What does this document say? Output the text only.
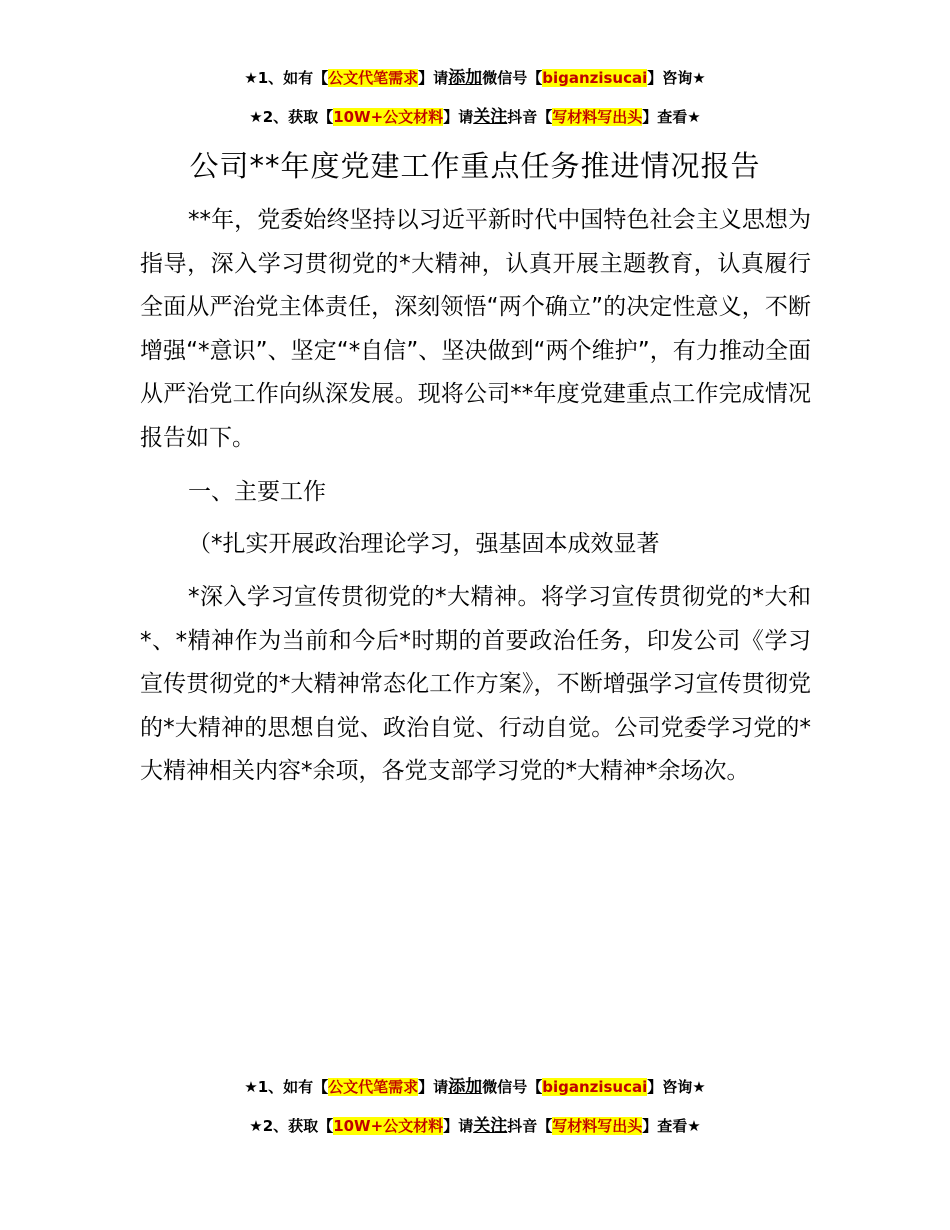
★1、如有【公文代笔需求】请添加微信号【biganzisucai】咨询★
★2、获取【10W+公文材料】请关注抖音【写材料写出头】查看★
公司**年度党建工作重点任务推进情况报告

**年，党委始终坚持以习近平新时代中国特色社会主义思想为指导，深入学习贯彻党的*大精神，认真开展主题教育，认真履行全面从严治党主体责任，深刻领悟“两个确立”的决定性意义，不断增强“*意识”、坚定“*自信”、坚决做到“两个维护”，有力推动全面从严治党工作向纵深发展。现将公司**年度党建重点工作完成情况报告如下。

一、主要工作

（*扎实开展政治理论学习，强基固本成效显著

*深入学习宣传贯彻党的*大精神。将学习宣传贯彻党的*大和*、*精神作为当前和今后*时期的首要政治任务，印发公司《学习宣传贯彻党的*大精神常态化工作方案》，不断增强学习宣传贯彻党的*大精神的思想自觉、政治自觉、行动自觉。公司党委学习党的*大精神相关内容*余项，各党支部学习党的*大精神*余场次。

★1、如有【公文代笔需求】请添加微信号【biganzisucai】咨询★
★2、获取【10W+公文材料】请关注抖音【写材料写出头】查看★
